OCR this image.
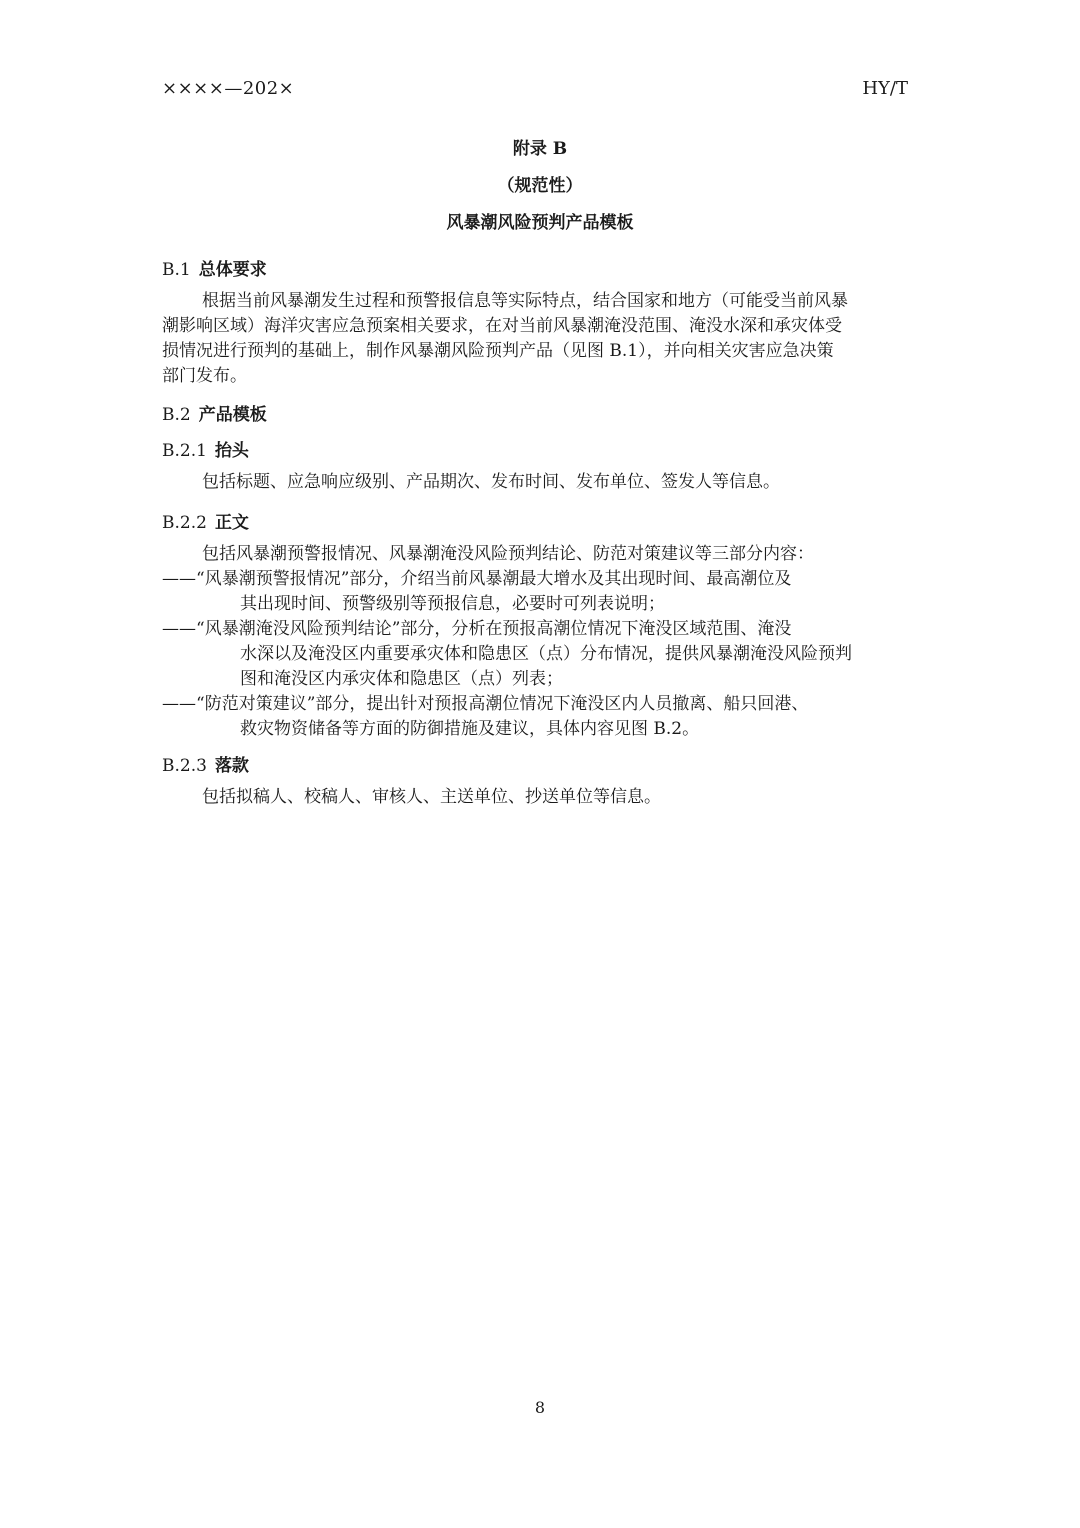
××××—202×	HY/T
附录 B
（规范性）
风暴潮风险预判产品模板
B.1 总体要求
根据当前风暴潮发生过程和预警报信息等实际特点，结合国家和地方（可能受当前风暴
潮影响区域）海洋灾害应急预案相关要求，在对当前风暴潮淹没范围、淹没水深和承灾体受
损情况进行预判的基础上，制作风暴潮风险预判产品（见图 B.1），并向相关灾害应急决策
部门发布。
B.2 产品模板
B.2.1 抬头
包括标题、应急响应级别、产品期次、发布时间、发布单位、签发人等信息。
B.2.2 正文
包括风暴潮预警报情况、风暴潮淹没风险预判结论、防范对策建议等三部分内容：
——“风暴潮预警报情况”部分，介绍当前风暴潮最大增水及其出现时间、最高潮位及
其出现时间、预警级别等预报信息，必要时可列表说明；
——“风暴潮淹没风险预判结论”部分，分析在预报高潮位情况下淹没区域范围、淹没
水深以及淹没区内重要承灾体和隐患区（点）分布情况，提供风暴潮淹没风险预判
图和淹没区内承灾体和隐患区（点）列表；
——“防范对策建议”部分，提出针对预报高潮位情况下淹没区内人员撤离、船只回港、
救灾物资储备等方面的防御措施及建议，具体内容见图 B.2。
B.2.3 落款
包括拟稿人、校稿人、审核人、主送单位、抄送单位等信息。
8
